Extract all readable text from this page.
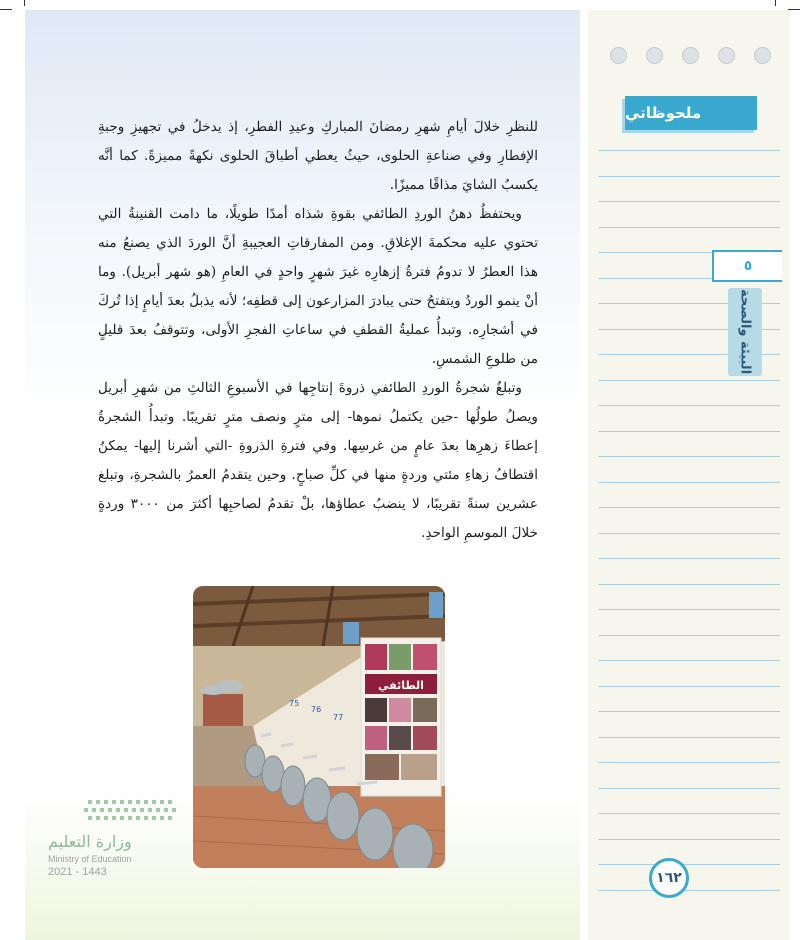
ملحوظاتي
٥
البيئة والصحة

للنظرِ خلالَ أيامِ شهرِ رمضانَ المباركِ وعيدِ الفطرِ، إذ يدخلُ في تجهيزِ وجبةِ الإفطارِ وفي صناعةِ الحلوى، حيثُ يعطي أطباقَ الحلوى نكهةً مميزةً. كما أنَّه يكسبُ الشايَ مذاقًا مميزًا.

ويحتفظُ دهنُ الوردِ الطائفي بقوةِ شذاه أمدًا طويلًا، ما دامت القنينةُ التي تحتوي عليه محكمةَ الإغلاقِ. ومن المفارقاتِ العجيبةِ أنَّ الوردَ الذي يصنعُ منه هذا العطرُ لا تدومُ فترةُ إزهارِه غيرَ شهرٍ واحدٍ في العامِ (هو شهر أبريل). وما أنْ ينمو الوردُ ويتفتحُ حتى يبادرَ المزارعون إلى قطفِه؛ لأنه يذبلُ بعدَ أيامٍ إذا تُركَ في أشجارِه. وتبدأُ عمليةُ القطفِ في ساعاتِ الفجرِ الأولى، وتتوقفُ بعدَ قليلٍ من طلوعِ الشمسِ.

وتبلغُ شجرةُ الوردِ الطائفي ذروةَ إنتاجِها في الأسبوعِ الثالثِ من شهرِ أبريل ويصلُ طولُها -حين يكتملُ نموها- إلى مترٍ ونصف مترٍ تقريبًا. وتبدأُ الشجرةُ إعطاءَ زهرِها بعدَ عامٍ من غرسِها. وفي فترةِ الذروةِ -التي أشرنا إليها- يمكنُ اقتطافُ زهاءِ مئتي وردةٍ منها في كلِّ صباحٍ. وحين يتقدمُ العمرُ بالشجرةِ، وتبلغ عشرين سنةً تقريبًا، لا ينضبُ عطاؤها، بلْ تقدمُ لصاحبِها أكثرَ من ٣٠٠٠ وردةٍ خلالَ الموسمِ الواحدِ.

الطائفي
76
77
75
وزارة التعليم
Ministry of Education
2021 - 1443	١٦٢
